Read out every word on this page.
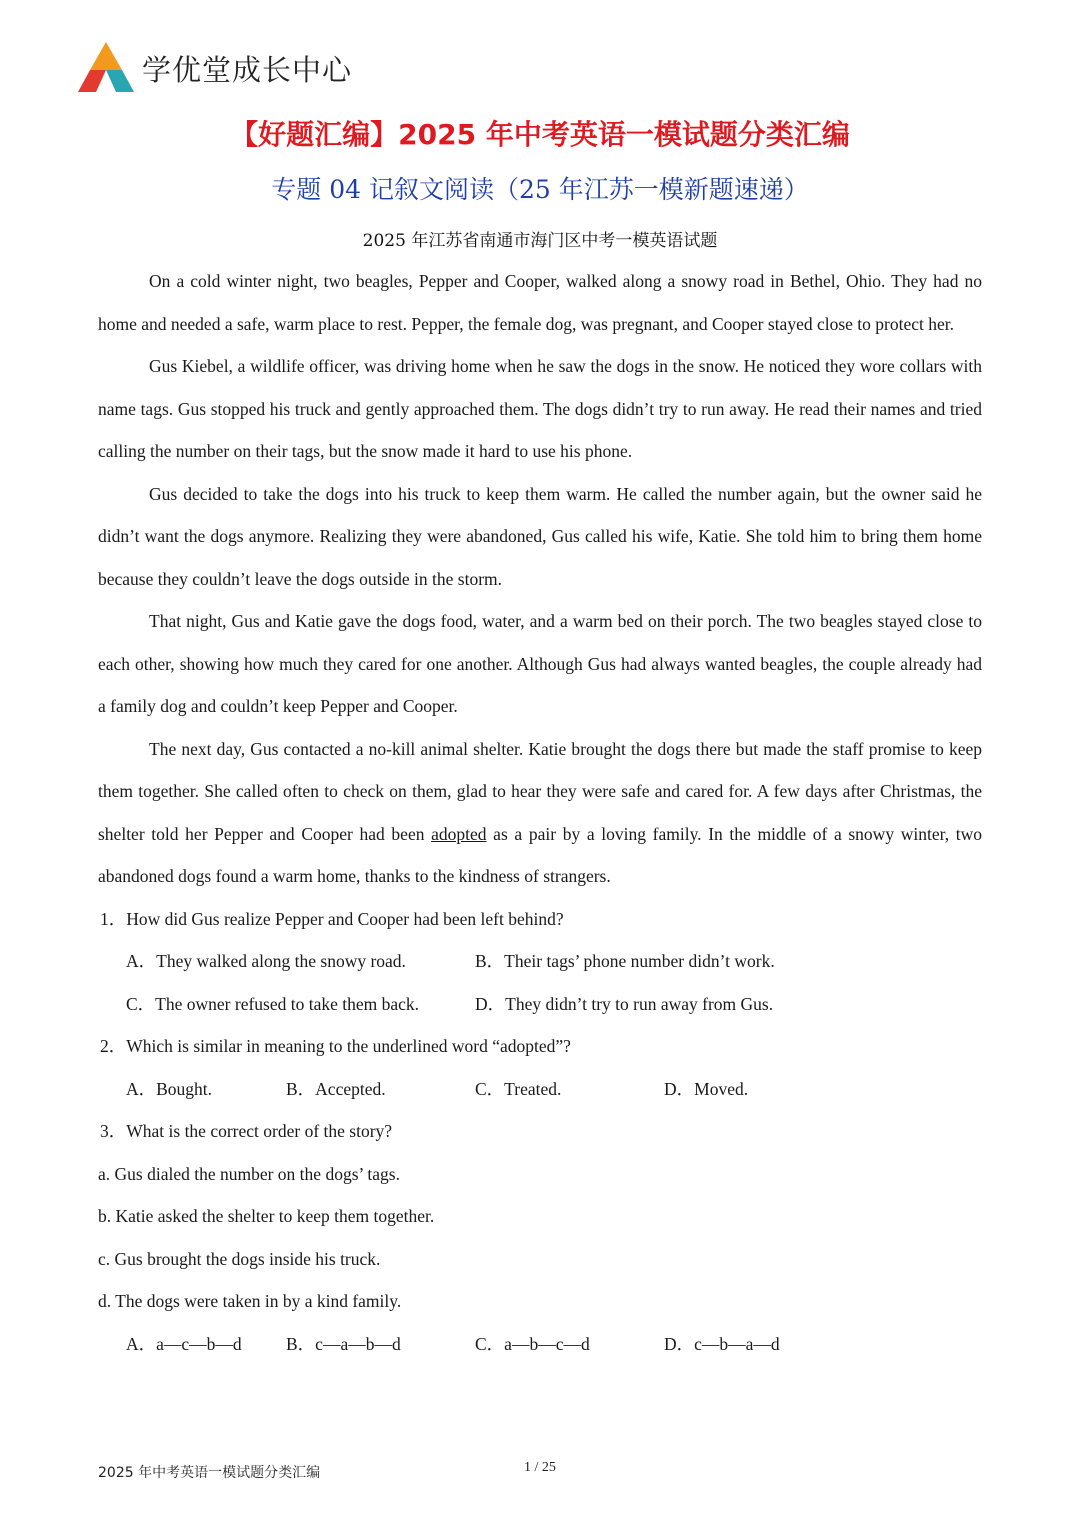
学优堂成长中心
【好题汇编】2025 年中考英语一模试题分类汇编
专题 04 记叙文阅读（25 年江苏一模新题速递）
2025 年江苏省南通市海门区中考一模英语试题

On a cold winter night, two beagles, Pepper and Cooper, walked along a snowy road in Bethel, Ohio. They had no home and needed a safe, warm place to rest. Pepper, the female dog, was pregnant, and Cooper stayed close to protect her.

Gus Kiebel, a wildlife officer, was driving home when he saw the dogs in the snow. He noticed they wore collars with name tags. Gus stopped his truck and gently approached them. The dogs didn’t try to run away. He read their names and tried calling the number on their tags, but the snow made it hard to use his phone.

Gus decided to take the dogs into his truck to keep them warm. He called the number again, but the owner said he didn’t want the dogs anymore. Realizing they were abandoned, Gus called his wife, Katie. She told him to bring them home because they couldn’t leave the dogs outside in the storm.

That night, Gus and Katie gave the dogs food, water, and a warm bed on their porch. The two beagles stayed close to each other, showing how much they cared for one another. Although Gus had always wanted beagles, the couple already had a family dog and couldn’t keep Pepper and Cooper.

The next day, Gus contacted a no-kill animal shelter. Katie brought the dogs there but made the staff promise to keep them together. She called often to check on them, glad to hear they were safe and cared for. A few days after Christmas, the shelter told her Pepper and Cooper had been adopted as a pair by a loving family. In the middle of a snowy winter, two abandoned dogs found a warm home, thanks to the kindness of strangers.

1．How did Gus realize Pepper and Cooper had been left behind?

A．They walked along the snowy road.	B．Their tags’ phone number didn’t work.
C．The owner refused to take them back.	D．They didn’t try to run away from Gus.

2．Which is similar in meaning to the underlined word “adopted”?

A．Bought.	B．Accepted.	C．Treated.	D．Moved.

3．What is the correct order of the story?

a. Gus dialed the number on the dogs’ tags.

b. Katie asked the shelter to keep them together.

c. Gus brought the dogs inside his truck.

d. The dogs were taken in by a kind family.

A．a—c—b—d	B．c—a—b—d	C．a—b—c—d	D．c—b—a—d
2025 年中考英语一模试题分类汇编	1 / 25
